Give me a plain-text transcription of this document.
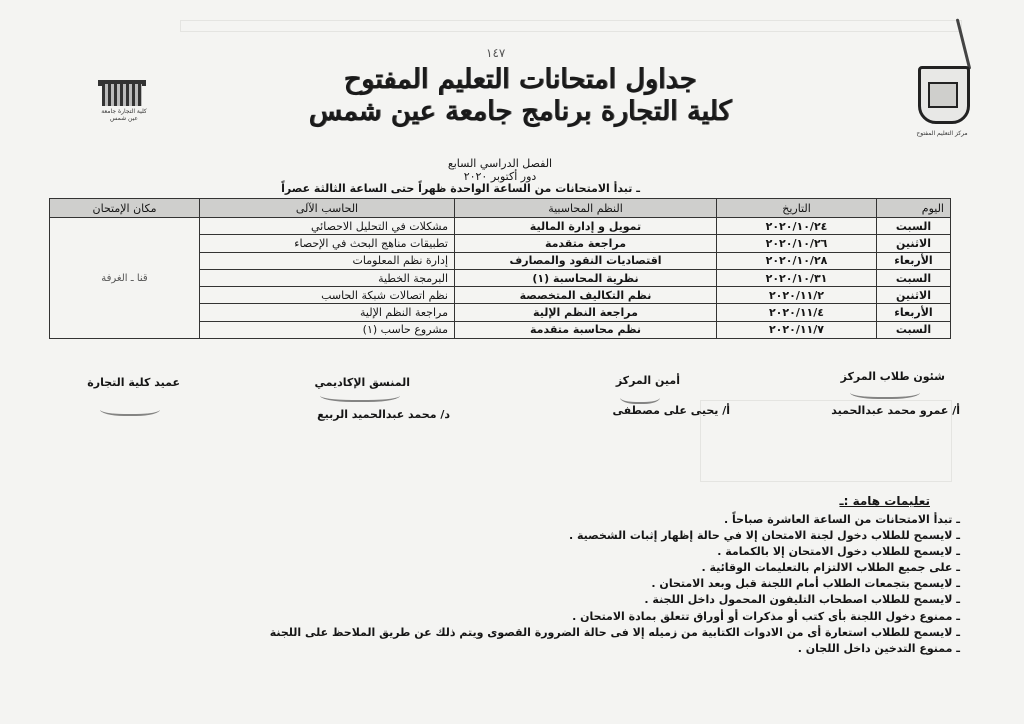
١٤٧
كلية التجارة جامعة عين شمس
مركز التعليم المفتوح
جداول امتحانات التعليم المفتوح
كلية التجارة برنامج جامعة عين شمس
الفصل الدراسي السابع
دور أكتوبر ٢٠٢٠
ـ تبدأ الامتحانات من الساعة الواحدة ظهراً حتى الساعة الثالثة عصراً
اليوم	التاريخ	النظم المحاسبية	الحاسب الآلى	مكان الإمتحان
السبت	٢٠٢٠/١٠/٢٤	تمويل و إدارة المالية	مشكلات في التحليل الاحصائي	قنا ـ الغرفة
الاثنين	٢٠٢٠/١٠/٢٦	مراجعة متقدمة	تطبيقات مناهج البحث في الإحصاء	
الأربعاء	٢٠٢٠/١٠/٢٨	اقتصاديات النقود والمصارف	إدارة نظم المعلومات	
السبت	٢٠٢٠/١٠/٣١	نظرية المحاسبة (١)	البرمجة الخطية	
الاثنين	٢٠٢٠/١١/٢	نظم التكاليف المتخصصة	نظم اتصالات شبكة الحاسب	
الأربعاء	٢٠٢٠/١١/٤	مراجعة النظم الإلية	مراجعة النظم الإلية	
السبت	٢٠٢٠/١١/٧	نظم محاسبة متقدمة	مشروع حاسب (١)	
شئون طلاب المركز
أ/ عمرو محمد عبدالحميد
أمين المركز
أ/ يحيى على مصطفى
المنسق الإكاديمي
د/ محمد عبدالحميد الربيع
عميد كلية التجارة
تعليمات هامة :ـ
ـ تبدأ الامتحانات من الساعة العاشرة صباحاً .
ـ لايسمح للطلاب دخول لجنة الامتحان إلا في حالة إظهار إثبات الشخصية .
ـ لايسمح للطلاب دخول الامتحان إلا بالكمامة .
ـ على جميع الطلاب الالتزام بالتعليمات الوقائية .
ـ لايسمح بتجمعات الطلاب أمام اللجنة قبل وبعد الامتحان .
ـ لايسمح للطلاب اصطحاب التليفون المحمول داخل اللجنة .
ـ ممنوع دخول اللجنة بأى كتب أو مذكرات أو أوراق تتعلق بمادة الامتحان .
ـ لايسمح للطلاب استعارة أى من الادوات الكتابية من زميله إلا فى حالة الضرورة القصوى ويتم ذلك عن طريق الملاحظ على اللجنة
ـ ممنوع التدخين داخل اللجان .
